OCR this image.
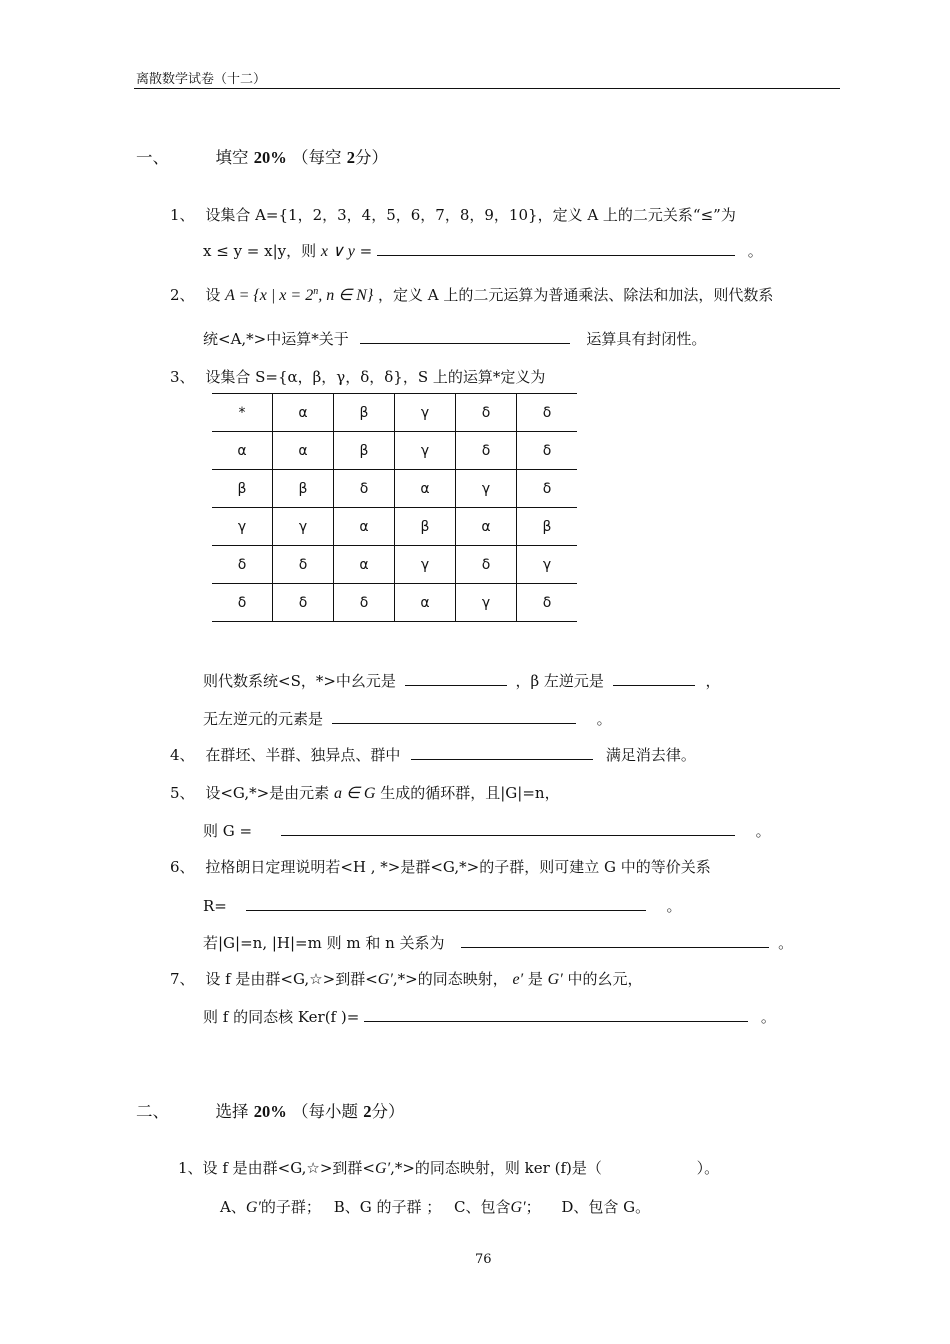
离散数学试卷（十二）
一、	填空 20% （每空 2分）
1、 设集合 A={1，2，3，4，5，6，7，8，9，10}，定义 A 上的二元关系“≤”为
x ≤ y = x|y，则 x ∨ y =	。
2、 设 A = {x | $x = 2^n$, n ∈ N} ，定义 A 上的二元运算为普通乘法、除法和加法，则代数系
统<A,*>中运算*关于	运算具有封闭性。
3、 设集合 S={α，β，γ，δ，δ}，S 上的运算*定义为
*	α	β	γ	δ	δ
α	α	β	γ	δ	δ
β	β	δ	α	γ	δ
γ	γ	α	β	α	β
δ	δ	α	γ	δ	γ
δ	δ	δ	α	γ	δ
则代数系统<S，*>中幺元是	，β 左逆元是	，
无左逆元的元素是	。
4、 在群坯、半群、独异点、群中	满足消去律。
5、 设<G,*>是由元素 a ∈ G 生成的循环群，且|G|=n，
则 G =	。
6、 拉格朗日定理说明若<H , *>是群<G,*>的子群，则可建立 G 中的等价关系
R=	。
若|G|=n, |H|=m 则 m 和 n 关系为	。
7、 设 f 是由群<G,☆>到群<G′,*>的同态映射， e′ 是 G′ 中的幺元，
则 f 的同态核 Ker(f )=	。
二、	选择 20% （每小题 2分）
1、设 f 是由群<G,☆>到群<G′,*>的同态映射，则 ker (f)是（	）。
A、G′的子群； B、G 的子群 ； C、包含G′； D、包含 G。
76
